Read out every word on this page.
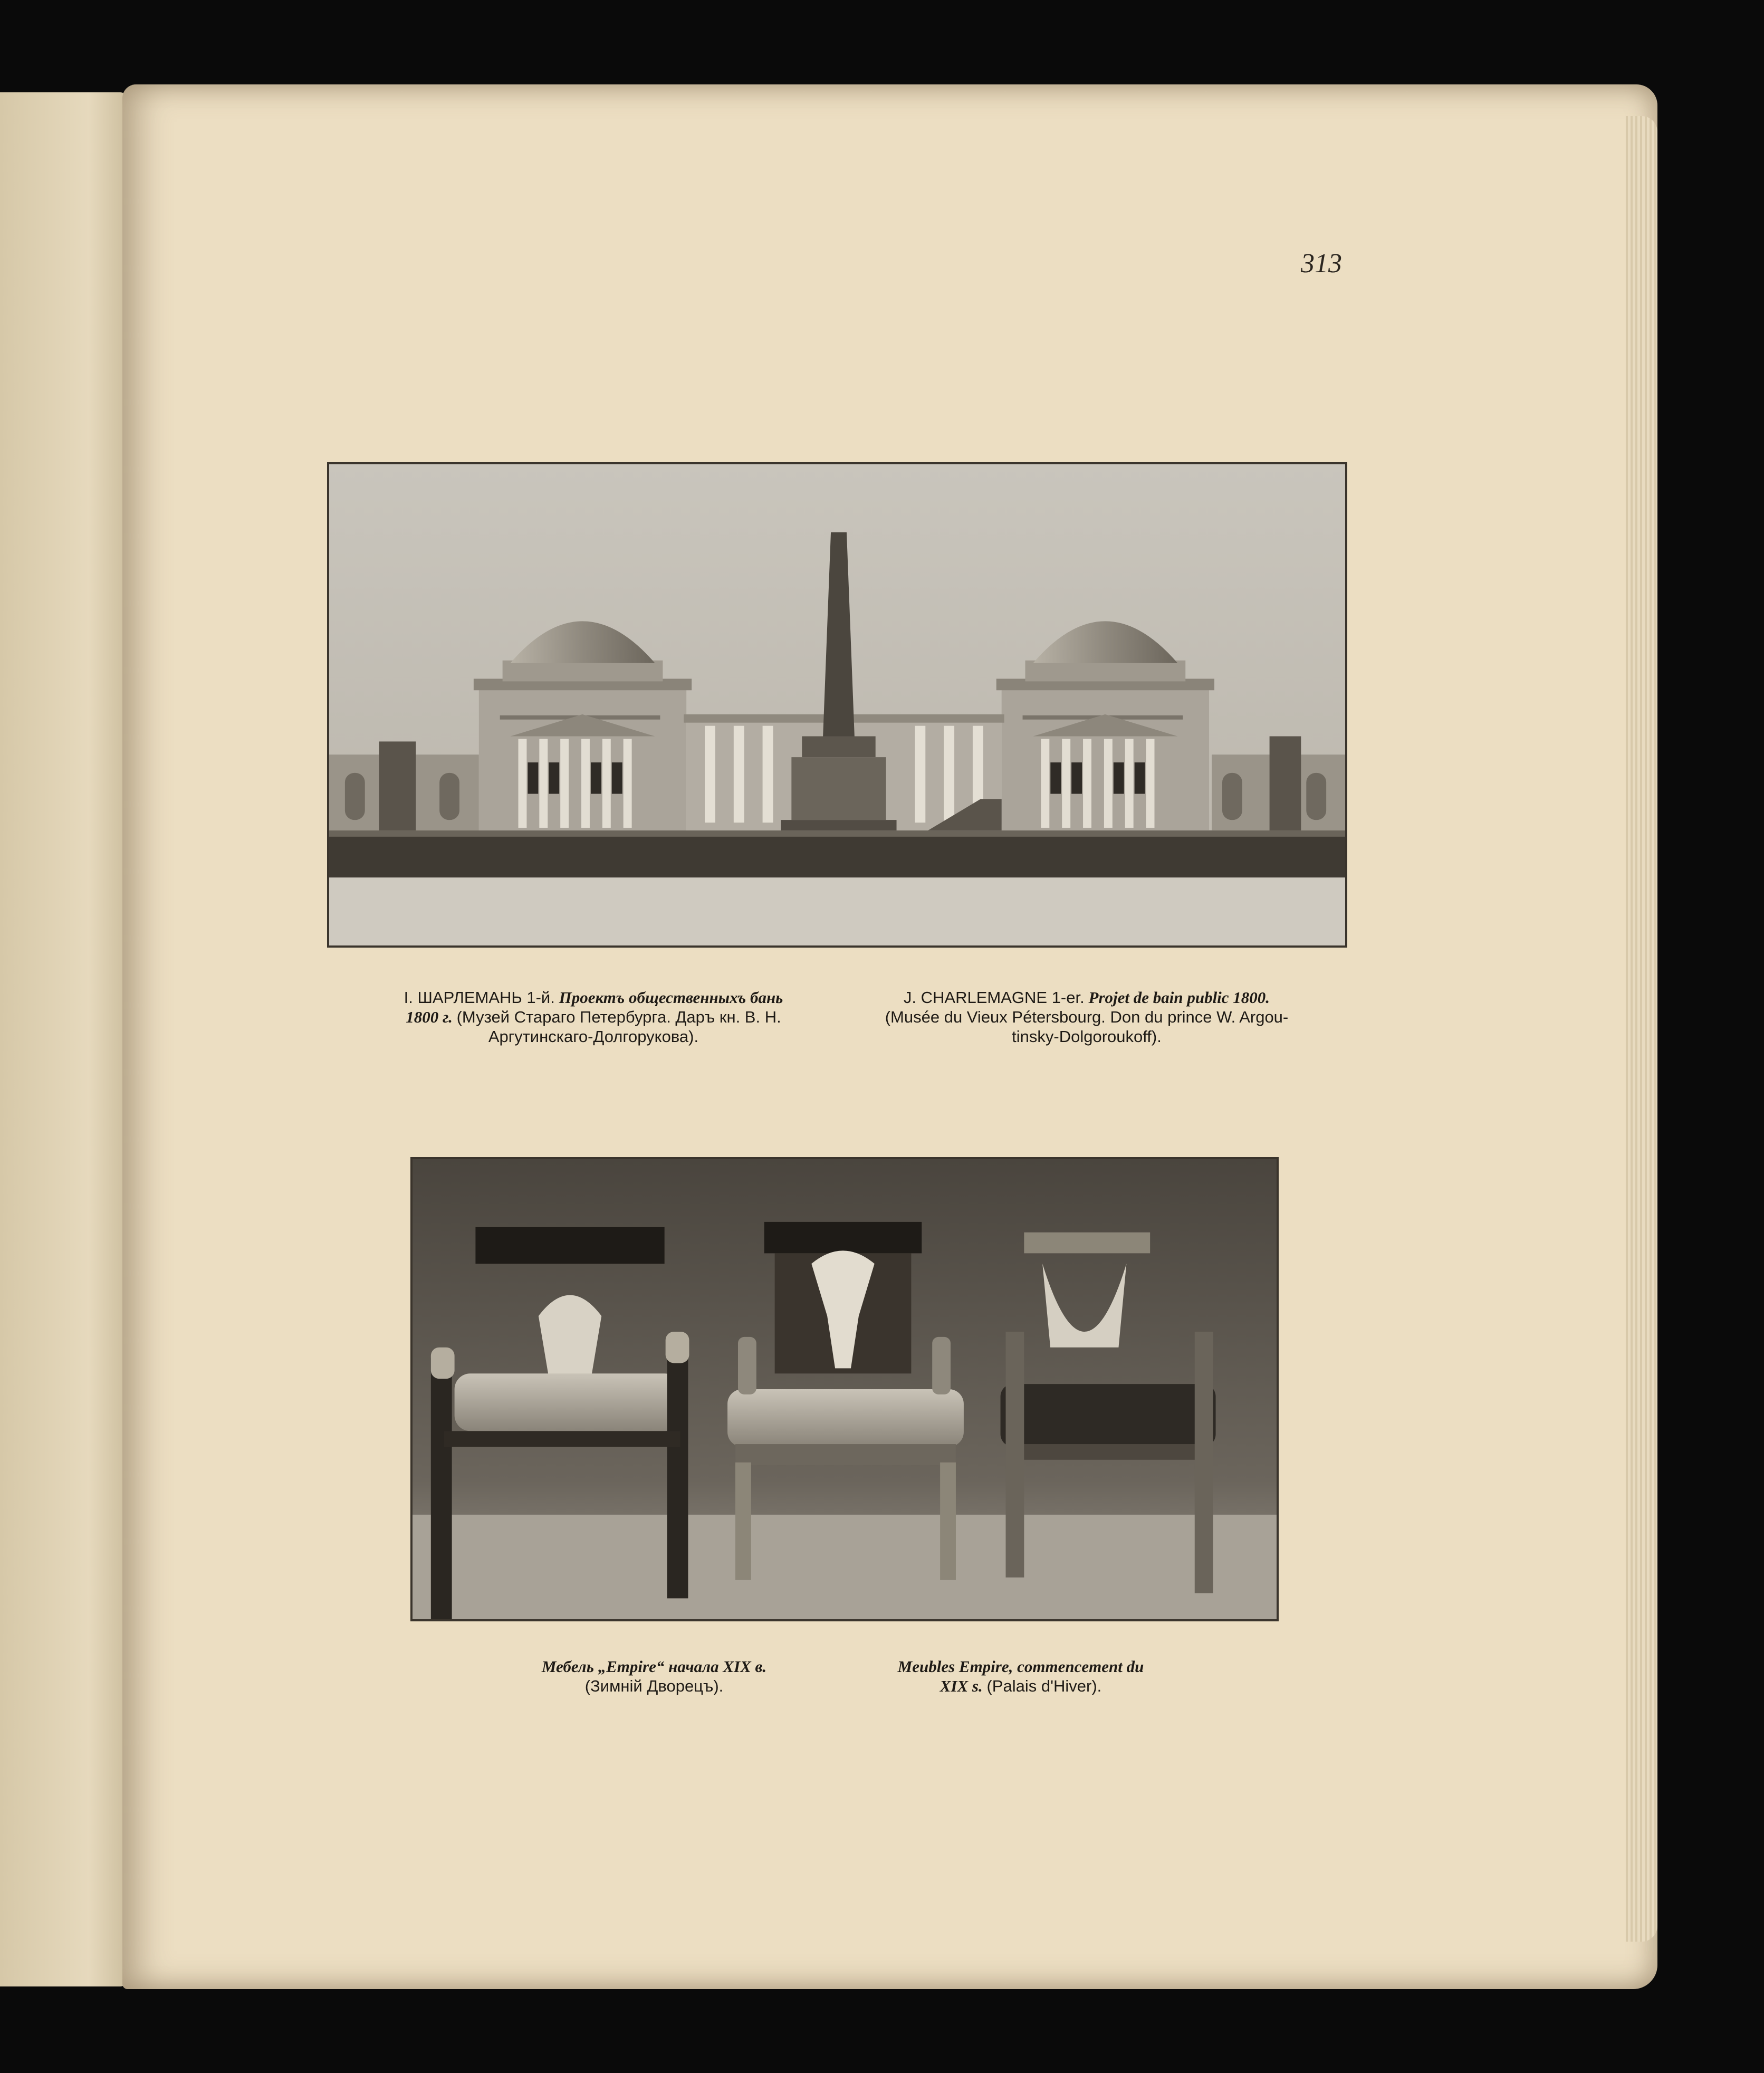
313
I. ШАРЛЕМАНЬ 1-й. Проектъ общественныхъ бань
1800 г. (Музей Стараго Петербурга. Даръ кн. В. Н.
Аргутинскаго-Долгорукова).
J. CHARLEMAGNE 1-er. Projet de bain public 1800.
(Musée du Vieux Pétersbourg. Don du prince W. Argou-
tinsky-Dolgoroukoff).
Мебель „Empire“ начала XIX в.
(Зимнiй Дворецъ).
Meubles Empire, commencement du
XIX s. (Palais d'Hiver).
